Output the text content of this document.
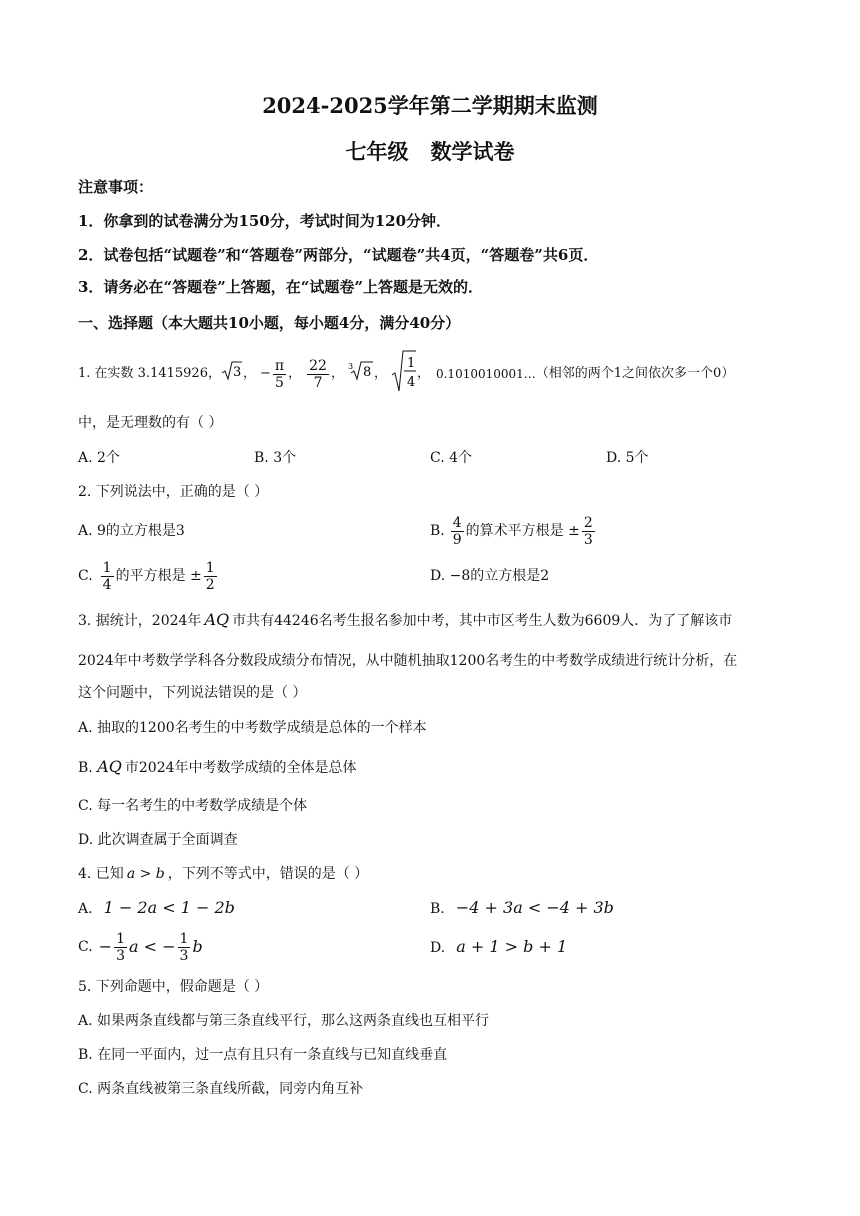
2024-2025学年第二学期期末监测
七年级 数学试卷
注意事项：
1．你拿到的试卷满分为150分，考试时间为120分钟．
2．试卷包括“试题卷”和“答题卷”两部分，“试题卷”共4页，“答题卷”共6页．
3．请务必在“答题卷”上答题，在“试题卷”上答题是无效的．
一、选择题（本大题共10小题，每小题4分，满分40分）
1. 在实数 3.1415926， 3 ， − $\frac{\pi}{5}$ ， $\frac{22}{7}$ ， 3 8 ，
1
4
， 0.1010010001… （相邻的两个1之间依次多一个0）
中，是无理数的有（ ）
A. 2个	B. 3个	C. 4个	D. 5个
2. 下列说法中，正确的是（ ）
A. 9的立方根是3	B. $\frac{4}{9}$ 的算术平方根是 ± $\frac{2}{3}$
C. $\frac{1}{4}$ 的平方根是 ± $\frac{1}{2}$	D. −8的立方根是2
3. 据统计，2024年 AQ 市共有44246名考生报名参加中考，其中市区考生人数为6609人．为了了解该市
2024年中考数学学科各分数段成绩分布情况，从中随机抽取1200名考生的中考数学成绩进行统计分析，在
这个问题中，下列说法错误的是（ ）
A. 抽取的1200名考生的中考数学成绩是总体的一个样本
B. AQ 市2024年中考数学成绩的全体是总体
C. 每一名考生的中考数学成绩是个体
D. 此次调查属于全面调查
4. 已知 a > b ，下列不等式中，错误的是（ ）
A. 1 − 2a < 1 − 2b	B. −4 + 3a < −4 + 3b
C. − $\frac{1}{3}$ a < − $\frac{1}{3}$ b	D. a + 1 > b + 1
5. 下列命题中，假命题是（ ）
A. 如果两条直线都与第三条直线平行，那么这两条直线也互相平行
B. 在同一平面内，过一点有且只有一条直线与已知直线垂直
C. 两条直线被第三条直线所截，同旁内角互补
